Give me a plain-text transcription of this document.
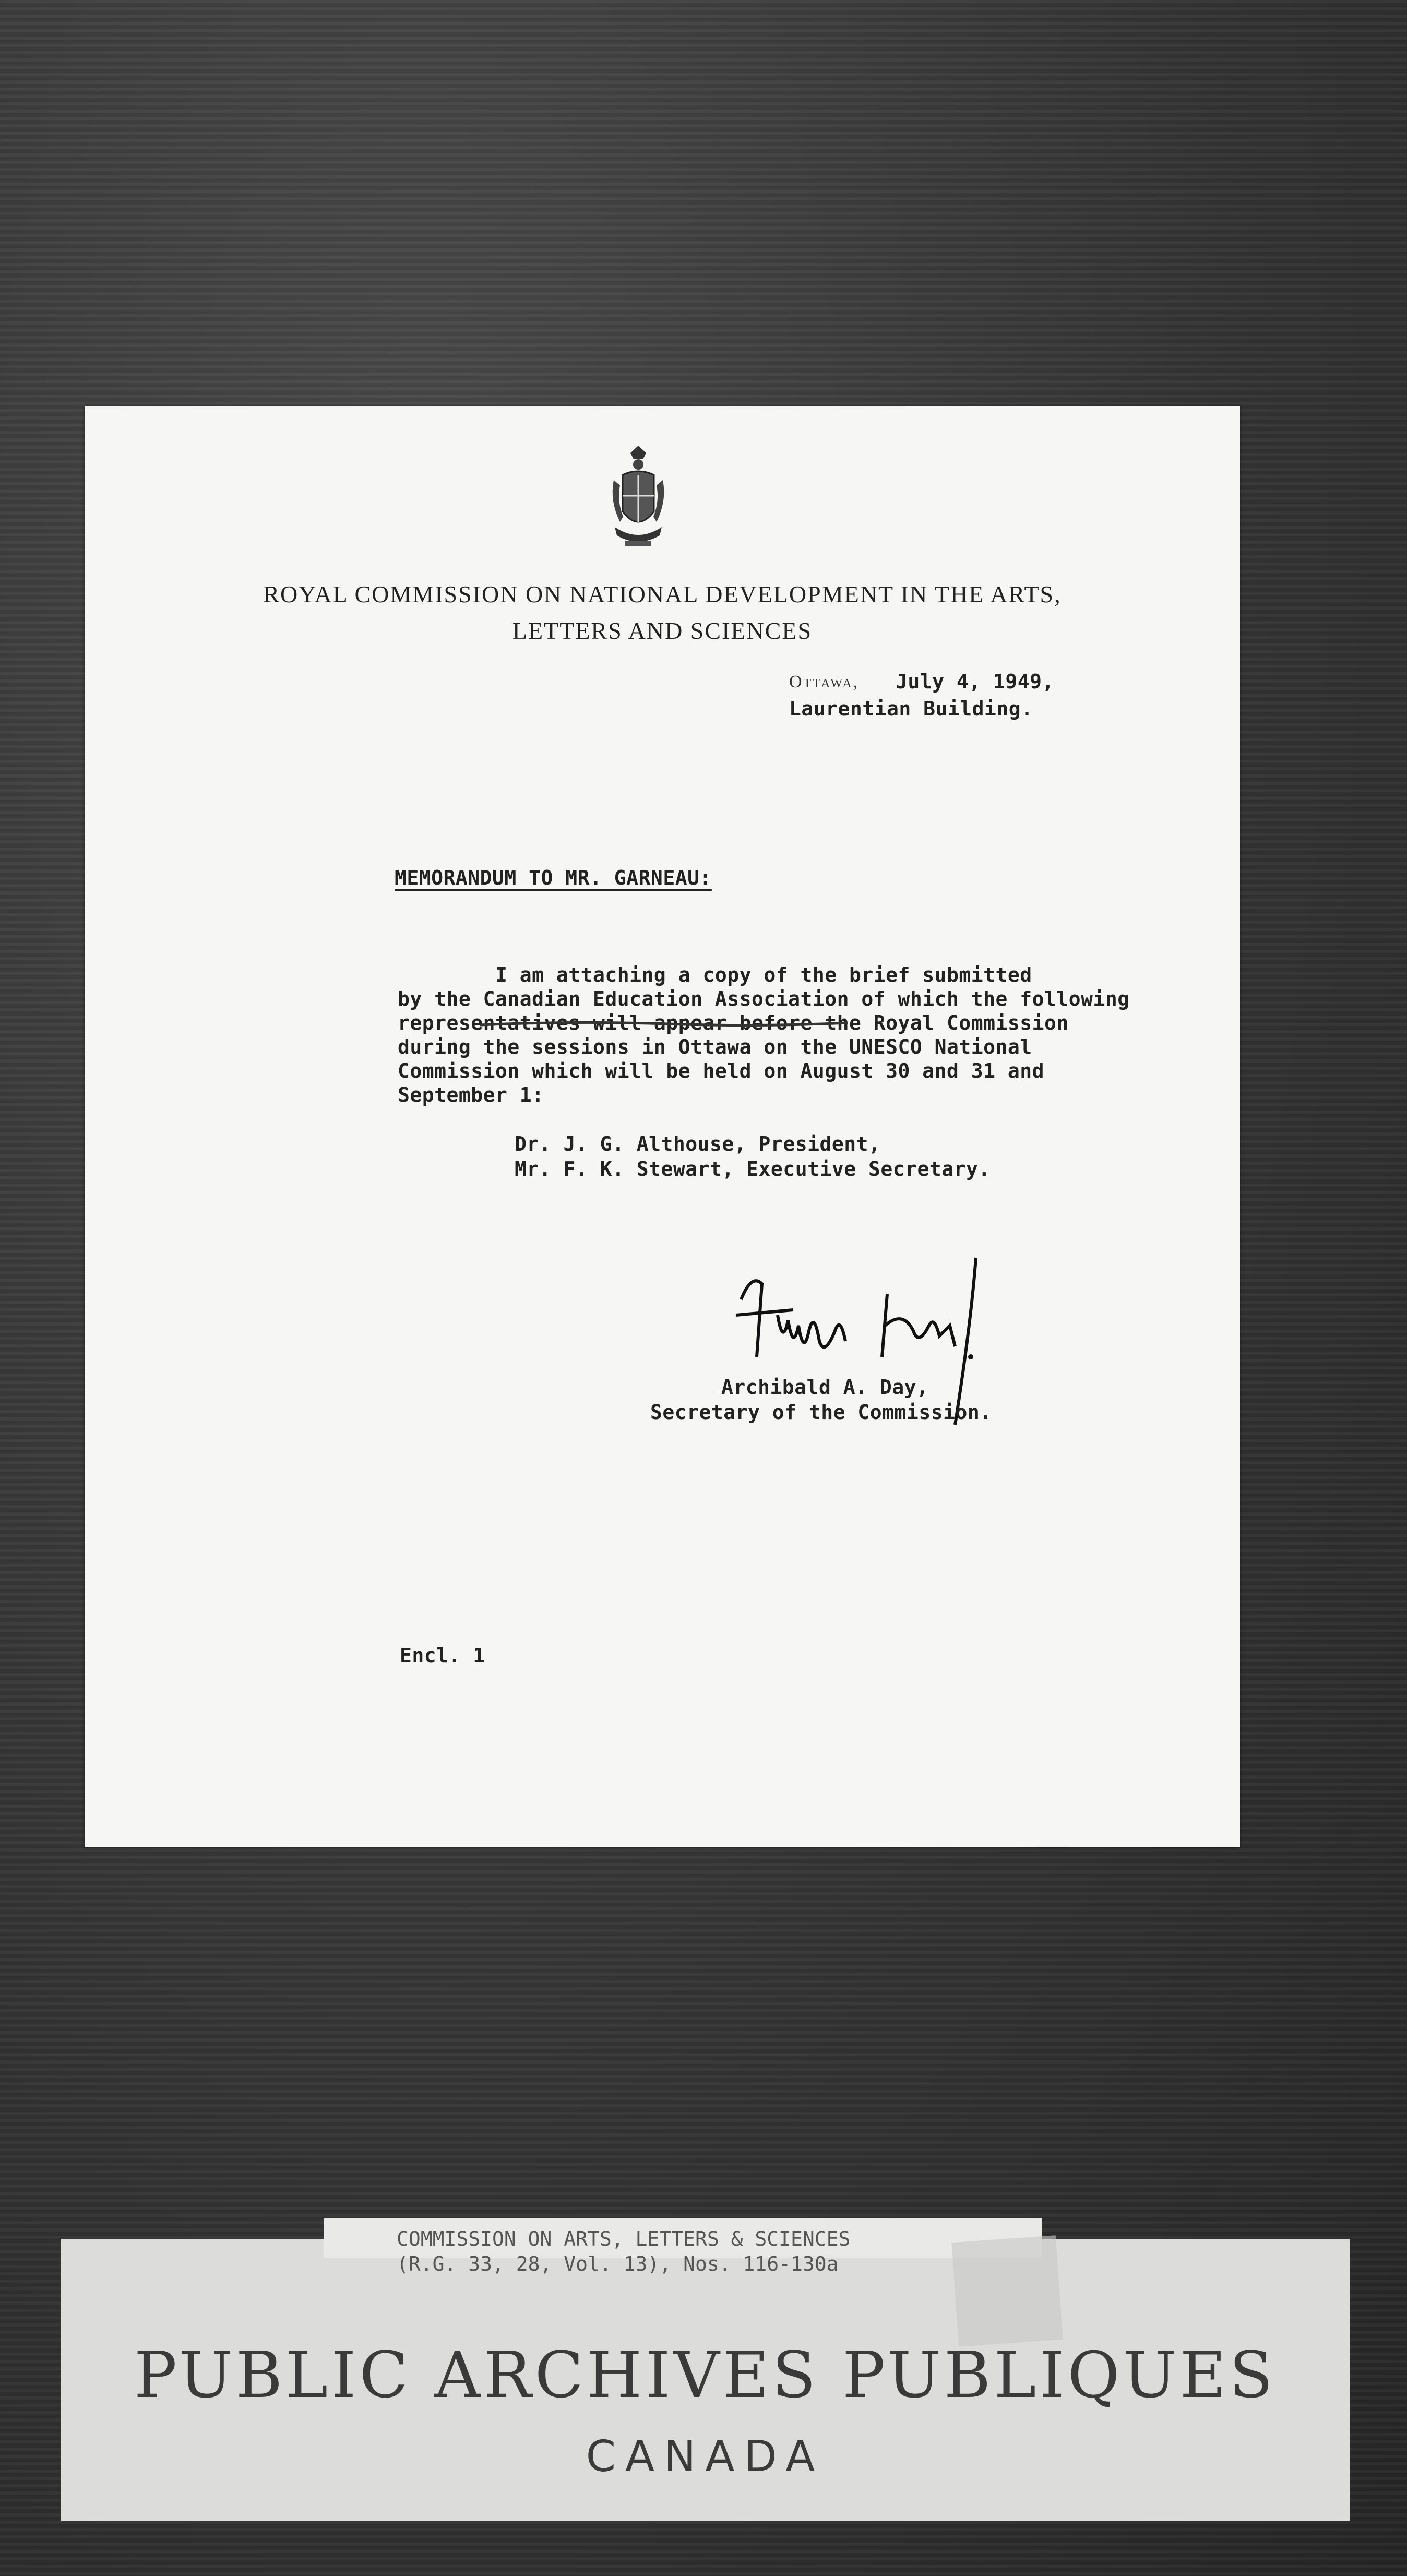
ROYAL COMMISSION ON NATIONAL DEVELOPMENT IN THE ARTS,
LETTERS AND SCIENCES
Ottawa, July 4, 1949,
Laurentian Building.
MEMORANDUM TO MR. GARNEAU:
I am attaching a copy of the brief submitted
by the Canadian Education Association of which the following
representatives will appear before the Royal Commission
during the sessions in Ottawa on the UNESCO National
Commission which will be held on August 30 and 31 and
September 1:
Dr. J. G. Althouse, President,
Mr. F. K. Stewart, Executive Secretary.
Archibald A. Day,
Secretary of the Commission.
Encl. 1
COMMISSION ON ARTS, LETTERS & SCIENCES
(R.G. 33, 28, Vol. 13), Nos. 116-130a
PUBLIC ARCHIVES PUBLIQUES
CANADA
